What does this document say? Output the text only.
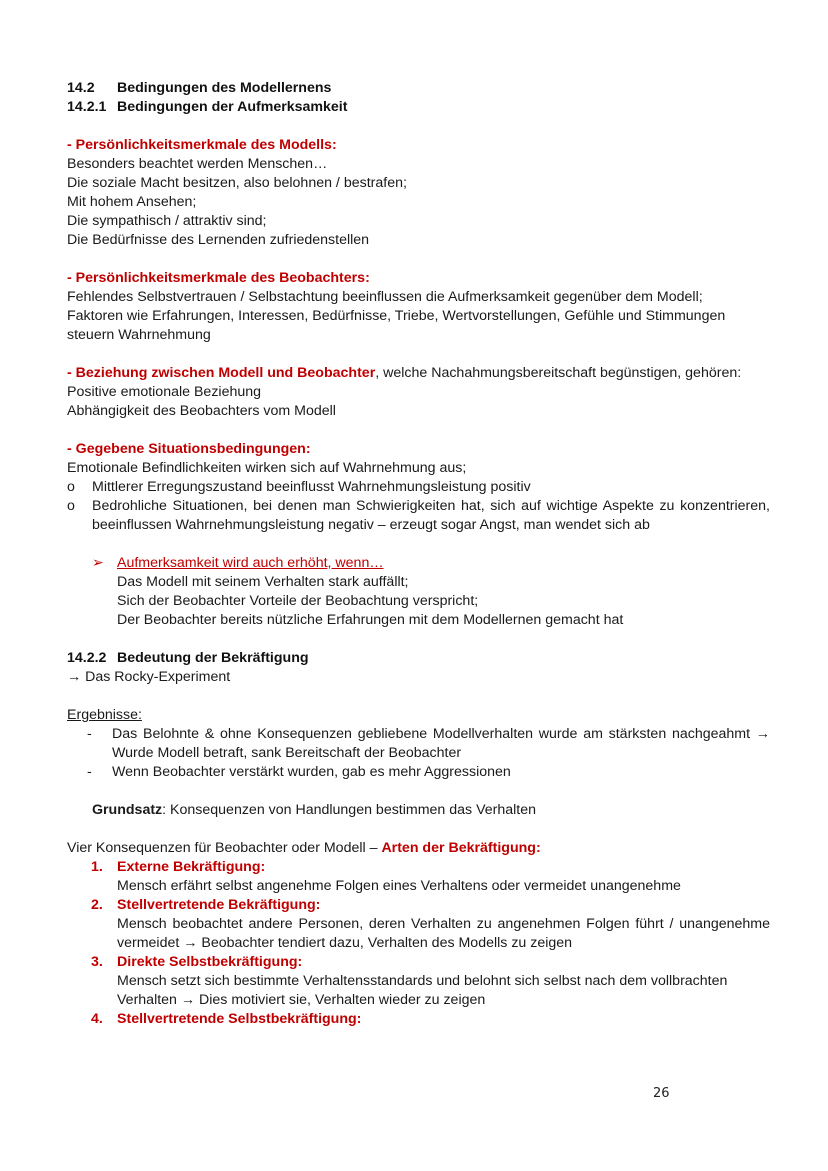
14.2 Bedingungen des Modellernens
14.2.1 Bedingungen der Aufmerksamkeit
- Persönlichkeitsmerkmale des Modells:
Besonders beachtet werden Menschen…
Die soziale Macht besitzen, also belohnen / bestrafen;
Mit hohem Ansehen;
Die sympathisch / attraktiv sind;
Die Bedürfnisse des Lernenden zufriedenstellen
- Persönlichkeitsmerkmale des Beobachters:
Fehlendes Selbstvertrauen / Selbstachtung beeinflussen die Aufmerksamkeit gegenüber dem Modell;
Faktoren wie Erfahrungen, Interessen, Bedürfnisse, Triebe, Wertvorstellungen, Gefühle und Stimmungen steuern Wahrnehmung
- Beziehung zwischen Modell und Beobachter, welche Nachahmungsbereitschaft begünstigen, gehören:
Positive emotionale Beziehung
Abhängigkeit des Beobachters vom Modell
- Gegebene Situationsbedingungen:
Emotionale Befindlichkeiten wirken sich auf Wahrnehmung aus;
o	Mittlerer Erregungszustand beeinflusst Wahrnehmungsleistung positiv
o	Bedrohliche Situationen, bei denen man Schwierigkeiten hat, sich auf wichtige Aspekte zu konzentrieren, beeinflussen Wahrnehmungsleistung negativ – erzeugt sogar Angst, man wendet sich ab
➢ Aufmerksamkeit wird auch erhöht, wenn…
Das Modell mit seinem Verhalten stark auffällt;
Sich der Beobachter Vorteile der Beobachtung verspricht;
Der Beobachter bereits nützliche Erfahrungen mit dem Modellernen gemacht hat
14.2.2 Bedeutung der Bekräftigung
→ Das Rocky-Experiment
Ergebnisse:
-	Das Belohnte & ohne Konsequenzen gebliebene Modellverhalten wurde am stärksten nachgeahmt → Wurde Modell betraft, sank Bereitschaft der Beobachter
-	Wenn Beobachter verstärkt wurden, gab es mehr Aggressionen
Grundsatz: Konsequenzen von Handlungen bestimmen das Verhalten
Vier Konsequenzen für Beobachter oder Modell – Arten der Bekräftigung:
1. Externe Bekräftigung:
Mensch erfährt selbst angenehme Folgen eines Verhaltens oder vermeidet unangenehme
2. Stellvertretende Bekräftigung:
Mensch beobachtet andere Personen, deren Verhalten zu angenehmen Folgen führt / unangenehme vermeidet → Beobachter tendiert dazu, Verhalten des Modells zu zeigen
3. Direkte Selbstbekräftigung:
Mensch setzt sich bestimmte Verhaltensstandards und belohnt sich selbst nach dem vollbrachten Verhalten → Dies motiviert sie, Verhalten wieder zu zeigen
4. Stellvertretende Selbstbekräftigung:
26
